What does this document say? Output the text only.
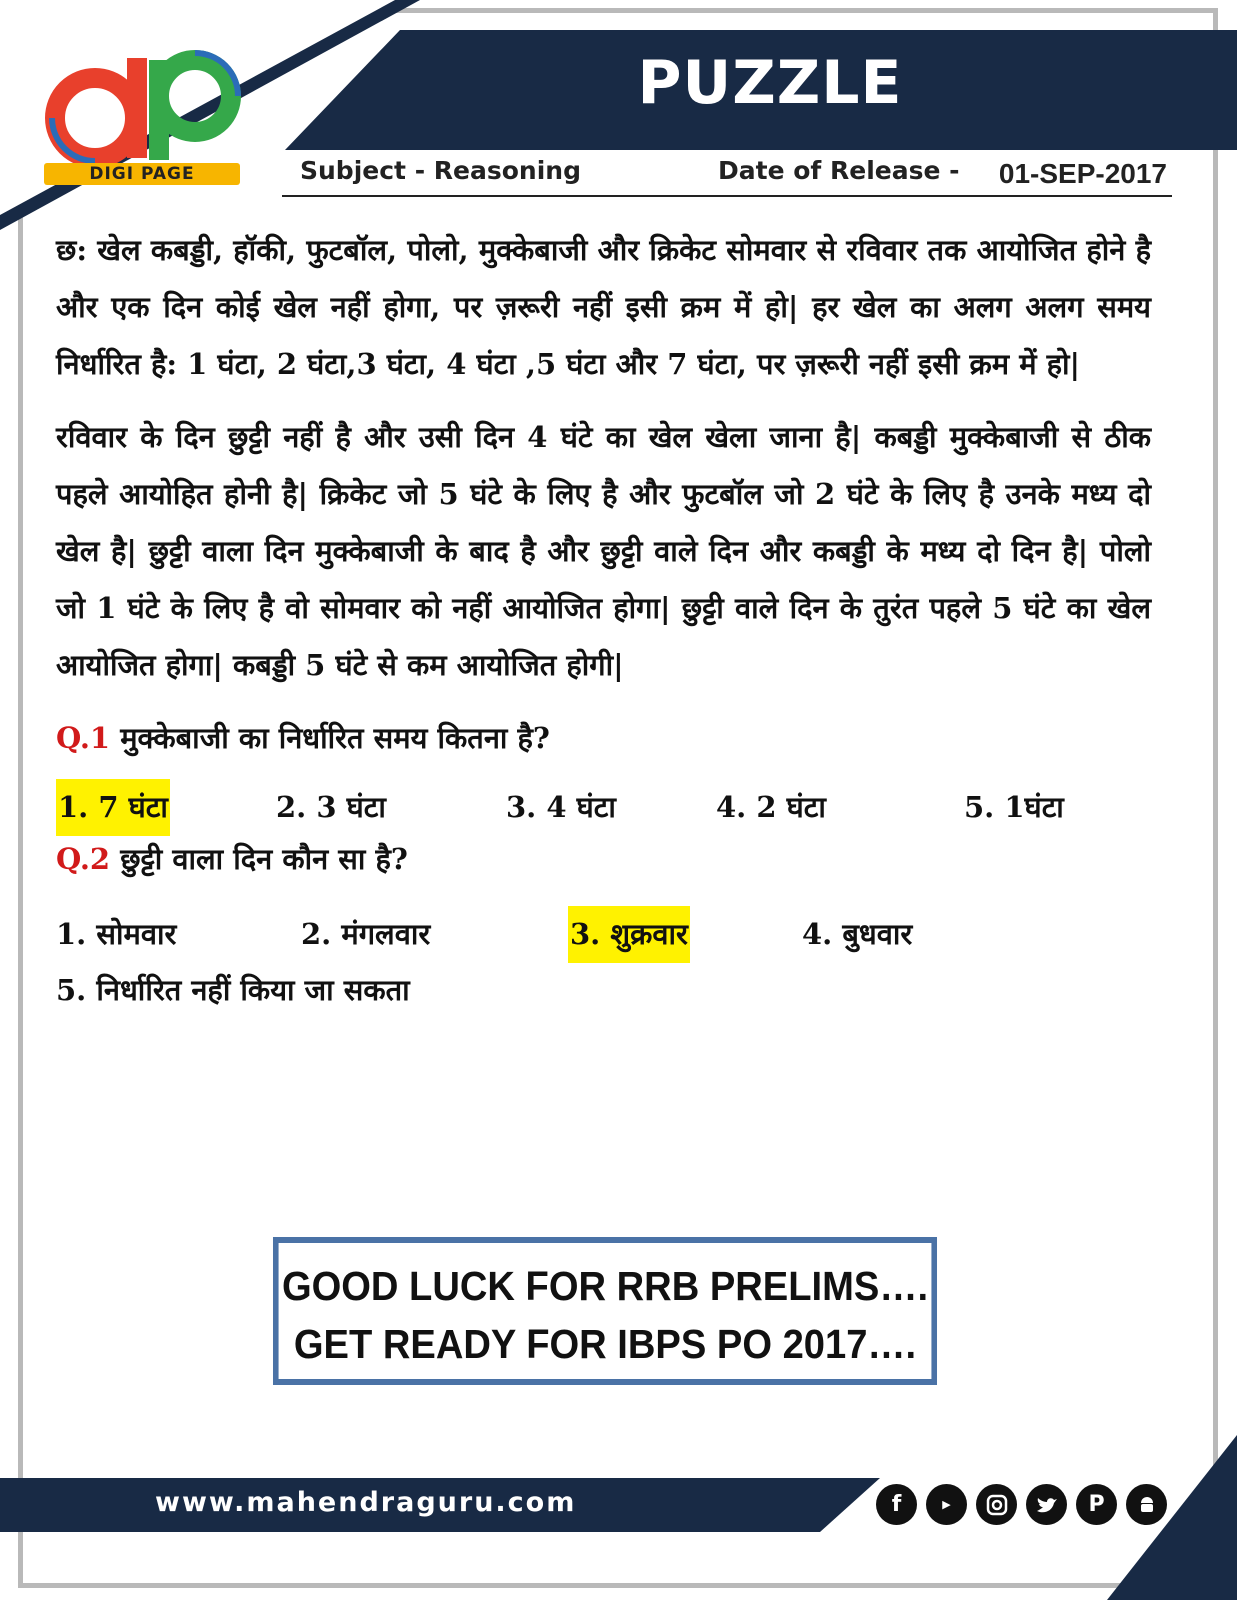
PUZZLE
DIGI PAGE	Subject - Reasoning	Date of Release - 01-SEP-2017

छ: खेल कबड्डी, हॉकी, फुटबॉल, पोलो, मुक्केबाजी और क्रिकेट सोमवार से रविवार तक आयोजित होने है और एक दिन कोई खेल नहीं होगा, पर ज़रूरी नहीं इसी क्रम में हो| हर खेल का अलग अलग समय निर्धारित है: 1 घंटा, 2 घंटा,3 घंटा, 4 घंटा ,5 घंटा और 7 घंटा, पर ज़रूरी नहीं इसी क्रम में हो|

रविवार के दिन छुट्टी नहीं है और उसी दिन 4 घंटे का खेल खेला जाना है| कबड्डी मुक्केबाजी से ठीक पहले आयोहित होनी है| क्रिकेट जो 5 घंटे के लिए है और फुटबॉल जो 2 घंटे के लिए है उनके मध्य दो खेल है| छुट्टी वाला दिन मुक्केबाजी के बाद है और छुट्टी वाले दिन और कबड्डी के मध्य दो दिन है| पोलो जो 1 घंटे के लिए है वो सोमवार को नहीं आयोजित होगा| छुट्टी वाले दिन के तुरंत पहले 5 घंटे का खेल आयोजित होगा| कबड्डी 5 घंटे से कम आयोजित होगी|

Q.1 मुक्केबाजी का निर्धारित समय कितना है?

1. 7 घंटा	2. 3 घंटा	3. 4 घंटा	4. 2 घंटा	5. 1घंटा

Q.2 छुट्टी वाला दिन कौन सा है?

1. सोमवार	2. मंगलवार	3. शुक्रवार	4. बुधवार
5. निर्धारित नहीं किया जा सकता
GOOD LUCK FOR RRB PRELIMS….
GET READY FOR IBPS PO 2017….
www.mahendraguru.com	f	▶	P
